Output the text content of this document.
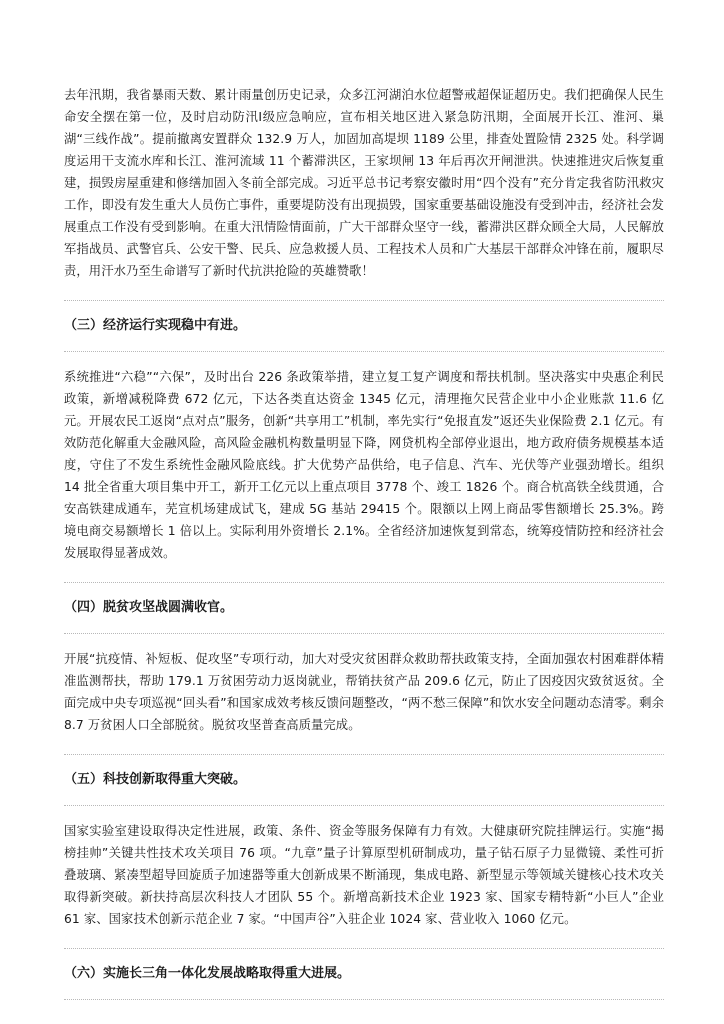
去年汛期，我省暴雨天数、累计雨量创历史记录，众多江河湖泊水位超警戒超保证超历史。我们把确保人民生命安全摆在第一位，及时启动防汛Ⅰ级应急响应，宣布相关地区进入紧急防汛期，全面展开长江、淮河、巢湖“三线作战”。提前撤离安置群众 132.9 万人，加固加高堤坝 1189 公里，排查处置险情 2325 处。科学调度运用干支流水库和长江、淮河流域 11 个蓄滞洪区，王家坝闸 13 年后再次开闸泄洪。快速推进灾后恢复重建，损毁房屋重建和修缮加固入冬前全部完成。习近平总书记考察安徽时用“四个没有”充分肯定我省防汛救灾工作，即没有发生重大人员伤亡事件，重要堤防没有出现损毁，国家重要基础设施没有受到冲击，经济社会发展重点工作没有受到影响。在重大汛情险情面前，广大干部群众坚守一线，蓄滞洪区群众顾全大局，人民解放军指战员、武警官兵、公安干警、民兵、应急救援人员、工程技术人员和广大基层干部群众冲锋在前，履职尽责，用汗水乃至生命谱写了新时代抗洪抢险的英雄赞歌！

（三）经济运行实现稳中有进。

系统推进“六稳”“六保”，及时出台 226 条政策举措，建立复工复产调度和帮扶机制。坚决落实中央惠企利民政策，新增减税降费 672 亿元，下达各类直达资金 1345 亿元，清理拖欠民营企业中小企业账款 11.6 亿元。开展农民工返岗“点对点”服务，创新“共享用工”机制，率先实行“免报直发”返还失业保险费 2.1 亿元。有效防范化解重大金融风险，高风险金融机构数量明显下降，网贷机构全部停业退出，地方政府债务规模基本适度，守住了不发生系统性金融风险底线。扩大优势产品供给，电子信息、汽车、光伏等产业强劲增长。组织 14 批全省重大项目集中开工，新开工亿元以上重点项目 3778 个、竣工 1826 个。商合杭高铁全线贯通，合安高铁建成通车，芜宣机场建成试飞，建成 5G 基站 29415 个。限额以上网上商品零售额增长 25.3%。跨境电商交易额增长 1 倍以上。实际利用外资增长 2.1%。全省经济加速恢复到常态，统筹疫情防控和经济社会发展取得显著成效。

（四）脱贫攻坚战圆满收官。

开展“抗疫情、补短板、促攻坚”专项行动，加大对受灾贫困群众救助帮扶政策支持，全面加强农村困难群体精准监测帮扶，帮助 179.1 万贫困劳动力返岗就业，帮销扶贫产品 209.6 亿元，防止了因疫因灾致贫返贫。全面完成中央专项巡视“回头看”和国家成效考核反馈问题整改，“两不愁三保障”和饮水安全问题动态清零。剩余 8.7 万贫困人口全部脱贫。脱贫攻坚普查高质量完成。

（五）科技创新取得重大突破。

国家实验室建设取得决定性进展，政策、条件、资金等服务保障有力有效。大健康研究院挂牌运行。实施“揭榜挂帅”关键共性技术攻关项目 76 项。“九章”量子计算原型机研制成功，量子钻石原子力显微镜、柔性可折叠玻璃、紧凑型超导回旋质子加速器等重大创新成果不断涌现，集成电路、新型显示等领域关键核心技术攻关取得新突破。新扶持高层次科技人才团队 55 个。新增高新技术企业 1923 家、国家专精特新“小巨人”企业 61 家、国家技术创新示范企业 7 家。“中国声谷”入驻企业 1024 家、营业收入 1060 亿元。

（六）实施长三角一体化发展战略取得重大进展。
